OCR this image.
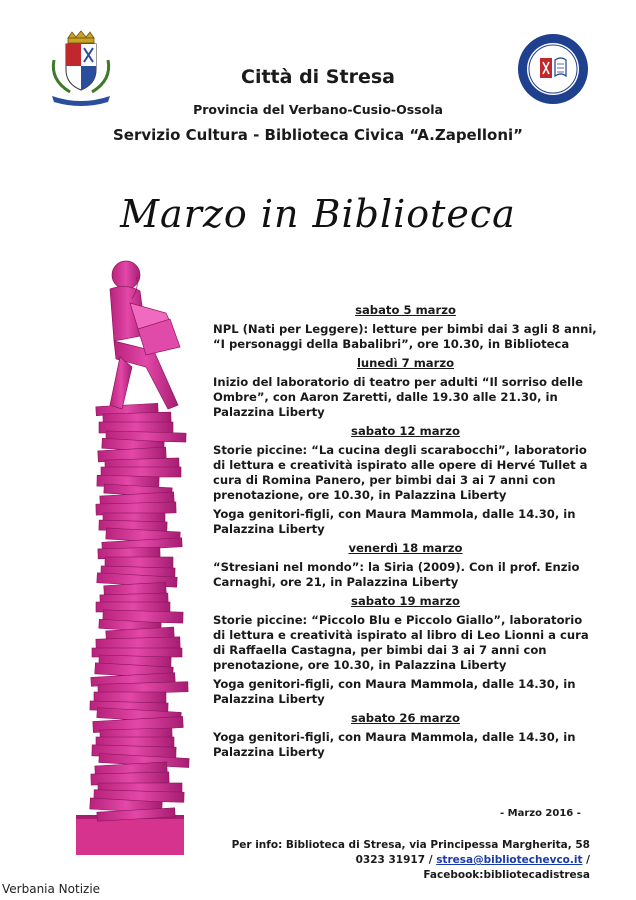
Città di Stresa
Provincia del Verbano-Cusio-Ossola
Servizio Cultura - Biblioteca Civica “A.Zapelloni”
Marzo in Biblioteca
sabato 5 marzo
NPL (Nati per Leggere): letture per bimbi dai 3 agli 8 anni, “I personaggi della Babalibri”, ore 10.30, in Biblioteca
lunedì 7 marzo
Inizio del laboratorio di teatro per adulti “Il sorriso delle Ombre”, con Aaron Zaretti, dalle 19.30 alle 21.30, in Palazzina Liberty
sabato 12 marzo
Storie piccine: “La cucina degli scarabocchi”, laboratorio di lettura e creatività ispirato alle opere di Hervé Tullet a cura di Romina Panero, per bimbi dai 3 ai 7 anni con prenotazione, ore 10.30, in Palazzina Liberty
Yoga genitori-figli, con Maura Mammola, dalle 14.30, in Palazzina Liberty
venerdì 18 marzo
“Stresiani nel mondo”: la Siria (2009). Con il prof. Enzio Carnaghi, ore 21, in Palazzina Liberty
sabato 19 marzo
Storie piccine: “Piccolo Blu e Piccolo Giallo”, laboratorio di lettura e creatività ispirato al libro di Leo Lionni a cura di Raffaella Castagna, per bimbi dai 3 ai 7 anni con prenotazione, ore 10.30, in Palazzina Liberty
Yoga genitori-figli, con Maura Mammola, dalle 14.30, in Palazzina Liberty
sabato 26 marzo
Yoga genitori-figli, con Maura Mammola, dalle 14.30, in Palazzina Liberty
- Marzo 2016 -
Per info: Biblioteca di Stresa, via Principessa Margherita, 58
0323 31917 / stresa@bibliotechevco.it / Facebook:bibliotecadistresa
Verbania Notizie
